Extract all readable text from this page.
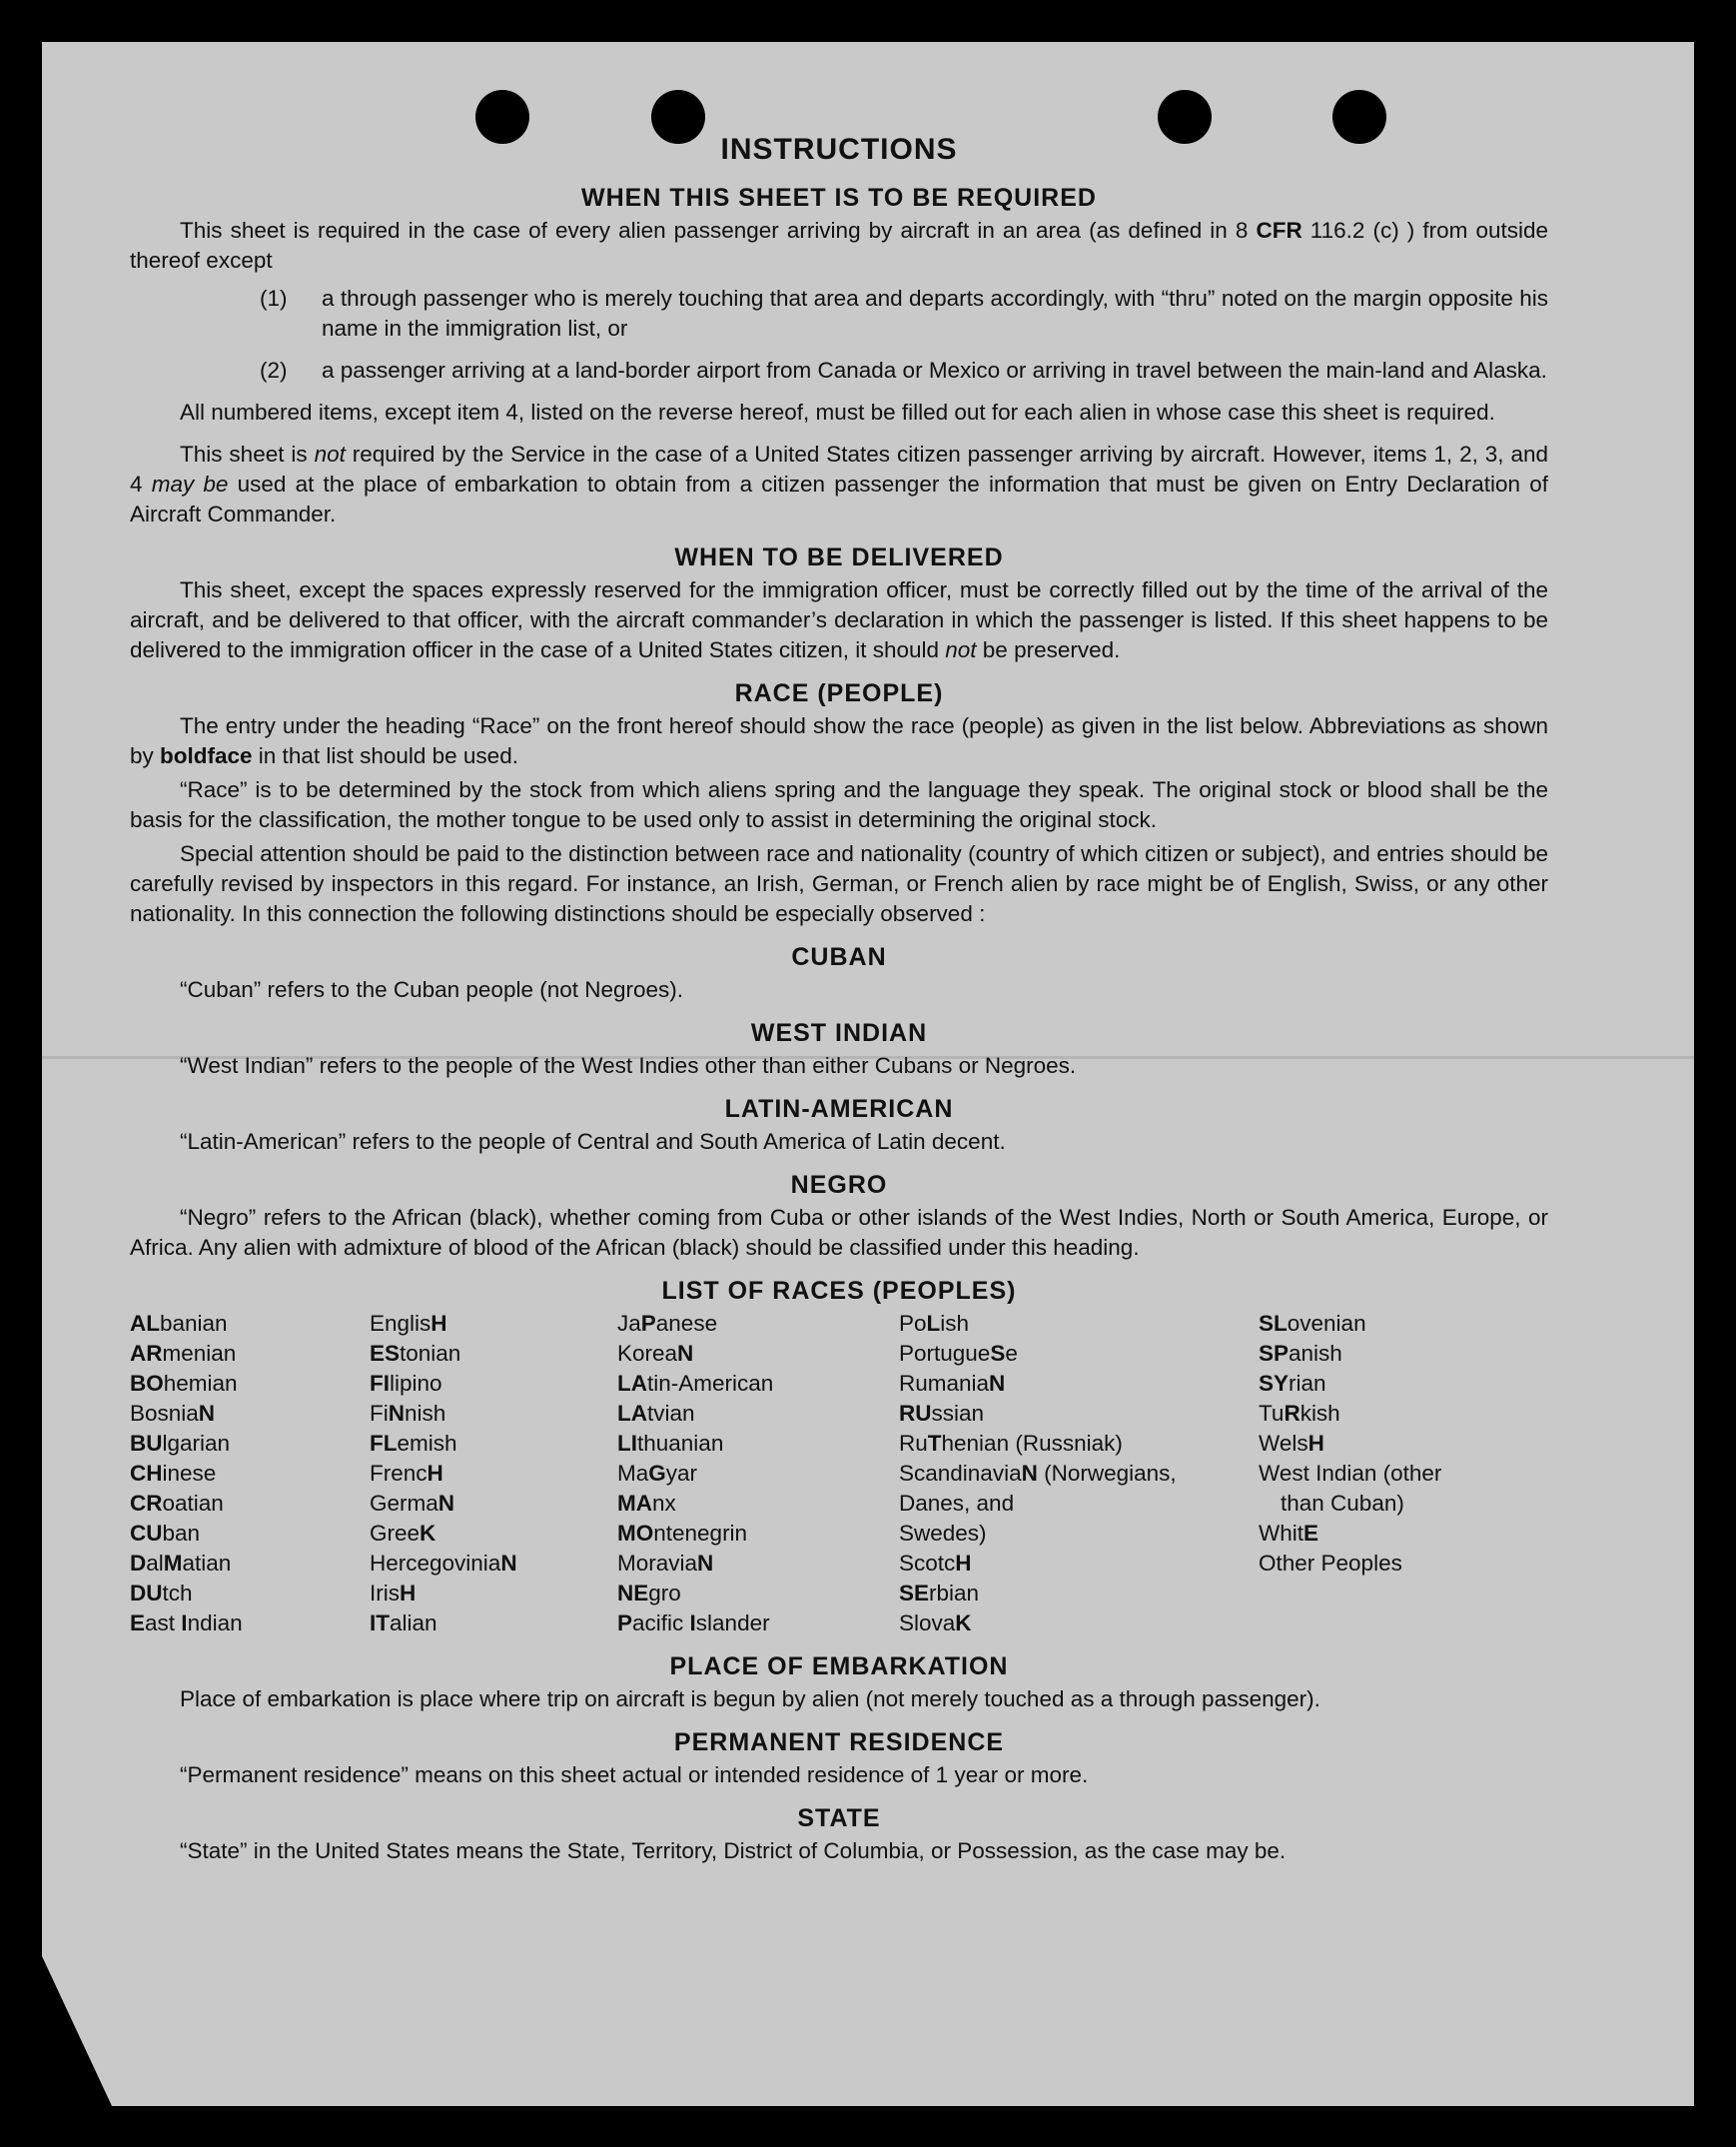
INSTRUCTIONS
WHEN THIS SHEET IS TO BE REQUIRED

This sheet is required in the case of every alien passenger arriving by aircraft in an area (as defined in 8 CFR 116.2 (c) ) from outside thereof except

(1)	a through passenger who is merely touching that area and departs accordingly, with “thru” noted on the margin opposite his name in the immigration list, or
(2)	a passenger arriving at a land-border airport from Canada or Mexico or arriving in travel between the main-land and Alaska.

All numbered items, except item 4, listed on the reverse hereof, must be filled out for each alien in whose case this sheet is required.

This sheet is not required by the Service in the case of a United States citizen passenger arriving by aircraft. However, items 1, 2, 3, and 4 may be used at the place of embarkation to obtain from a citizen passenger the information that must be given on Entry Declaration of Aircraft Commander.

WHEN TO BE DELIVERED

This sheet, except the spaces expressly reserved for the immigration officer, must be correctly filled out by the time of the arrival of the aircraft, and be delivered to that officer, with the aircraft commander’s declaration in which the passenger is listed. If this sheet happens to be delivered to the immigration officer in the case of a United States citizen, it should not be preserved.

RACE (PEOPLE)

The entry under the heading “Race” on the front hereof should show the race (people) as given in the list below. Abbreviations as shown by boldface in that list should be used.

“Race” is to be determined by the stock from which aliens spring and the language they speak. The original stock or blood shall be the basis for the classification, the mother tongue to be used only to assist in determining the original stock.

Special attention should be paid to the distinction between race and nationality (country of which citizen or subject), and entries should be carefully revised by inspectors in this regard. For instance, an Irish, German, or French alien by race might be of English, Swiss, or any other nationality. In this connection the following distinctions should be especially observed :

CUBAN

“Cuban” refers to the Cuban people (not Negroes).

WEST INDIAN

“West Indian” refers to the people of the West Indies other than either Cubans or Negroes.

LATIN-AMERICAN

“Latin-American” refers to the people of Central and South America of Latin decent.

NEGRO

“Negro” refers to the African (black), whether coming from Cuba or other islands of the West Indies, North or South America, Europe, or Africa. Any alien with admixture of blood of the African (black) should be classified under this heading.

LIST OF RACES (PEOPLES)
ALbanian
ARmenian
BOhemian
BosniaN
BUlgarian
CHinese
CRoatian
CUban
DalMatian
DUtch
East Indian
EnglisH
EStonian
FIlipino
FiNnish
FLemish
FrencH
GermaN
GreeK
HercegoviniaN
IrisH
ITalian
JaPanese
KoreaN
LAtin-American
LAtvian
LIthuanian
MaGyar
MAnx
MOntenegrin
MoraviaN
NEgro
Pacific Islander
PoLish
PortugueSe
RumaniaN
RUssian
RuThenian (Russniak)
ScandinaviaN (Norwegians,
Danes, and
Swedes)
ScotcH
SErbian
SlovaK
SLovenian
SPanish
SYrian
TuRkish
WelsH
West Indian (other
than Cuban)
WhitE
Other Peoples
PLACE OF EMBARKATION

Place of embarkation is place where trip on aircraft is begun by alien (not merely touched as a through passenger).

PERMANENT RESIDENCE

“Permanent residence” means on this sheet actual or intended residence of 1 year or more.

STATE

“State” in the United States means the State, Territory, District of Columbia, or Possession, as the case may be.
